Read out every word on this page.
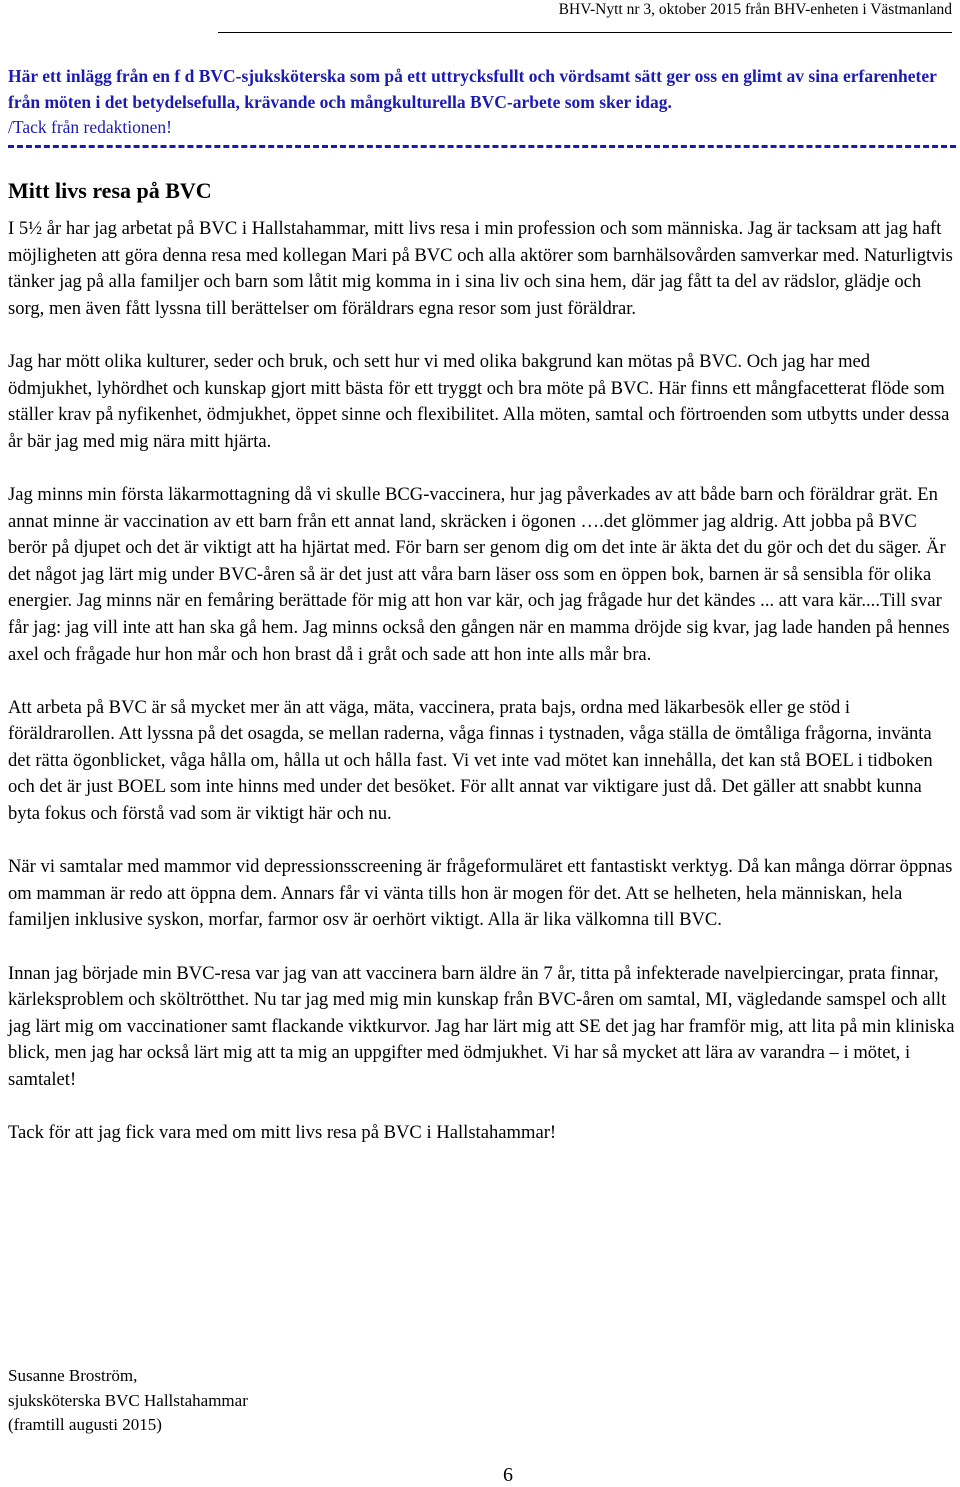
BHV-Nytt nr 3, oktober 2015 från BHV-enheten i Västmanland
Här ett inlägg från en f d BVC-sjuksköterska som på ett uttrycksfullt och vördsamt sätt ger oss en glimt av sina erfarenheter från möten i det betydelsefulla, krävande och mångkulturella BVC-arbete som sker idag.
/Tack från redaktionen!
Mitt livs resa på BVC

I 5½ år har jag arbetat på BVC i Hallstahammar, mitt livs resa i min profession och som människa. Jag är tacksam att jag haft möjligheten att göra denna resa med kollegan Mari på BVC och alla aktörer som barnhälsovården samverkar med. Naturligtvis tänker jag på alla familjer och barn som låtit mig komma in i sina liv och sina hem, där jag fått ta del av rädslor, glädje och sorg, men även fått lyssna till berättelser om föräldrars egna resor som just föräldrar.

Jag har mött olika kulturer, seder och bruk, och sett hur vi med olika bakgrund kan mötas på BVC. Och jag har med ödmjukhet, lyhördhet och kunskap gjort mitt bästa för ett tryggt och bra möte på BVC. Här finns ett mångfacetterat flöde som ställer krav på nyfikenhet, ödmjukhet, öppet sinne och flexibilitet. Alla möten, samtal och förtroenden som utbytts under dessa år bär jag med mig nära mitt hjärta.

Jag minns min första läkarmottagning då vi skulle BCG-vaccinera, hur jag påverkades av att både barn och föräldrar grät. En annat minne är vaccination av ett barn från ett annat land, skräcken i ögonen ….det glömmer jag aldrig. Att jobba på BVC berör på djupet och det är viktigt att ha hjärtat med. För barn ser genom dig om det inte är äkta det du gör och det du säger. Är det något jag lärt mig under BVC-åren så är det just att våra barn läser oss som en öppen bok, barnen är så sensibla för olika energier. Jag minns när en femåring berättade för mig att hon var kär, och jag frågade hur det kändes ... att vara kär....Till svar får jag: jag vill inte att han ska gå hem. Jag minns också den gången när en mamma dröjde sig kvar, jag lade handen på hennes axel och frågade hur hon mår och hon brast då i gråt och sade att hon inte alls mår bra.

Att arbeta på BVC är så mycket mer än att väga, mäta, vaccinera, prata bajs, ordna med läkarbesök eller ge stöd i föräldrarollen. Att lyssna på det osagda, se mellan raderna, våga finnas i tystnaden, våga ställa de ömtåliga frågorna, invänta det rätta ögonblicket, våga hålla om, hålla ut och hålla fast. Vi vet inte vad mötet kan innehålla, det kan stå BOEL i tidboken och det är just BOEL som inte hinns med under det besöket. För allt annat var viktigare just då. Det gäller att snabbt kunna byta fokus och förstå vad som är viktigt här och nu.

När vi samtalar med mammor vid depressionsscreening är frågeformuläret ett fantastiskt verktyg. Då kan många dörrar öppnas om mamman är redo att öppna dem. Annars får vi vänta tills hon är mogen för det. Att se helheten, hela människan, hela familjen inklusive syskon, morfar, farmor osv är oerhört viktigt. Alla är lika välkomna till BVC.

Innan jag började min BVC-resa var jag van att vaccinera barn äldre än 7 år, titta på infekterade navelpiercingar, prata finnar, kärleksproblem och sköltrötthet. Nu tar jag med mig min kunskap från BVC-åren om samtal, MI, vägledande samspel och allt jag lärt mig om vaccinationer samt flackande viktkurvor. Jag har lärt mig att SE det jag har framför mig, att lita på min kliniska blick, men jag har också lärt mig att ta mig an uppgifter med ödmjukhet. Vi har så mycket att lära av varandra – i mötet, i samtalet!

Tack för att jag fick vara med om mitt livs resa på BVC i Hallstahammar!

Susanne Broström,
sjuksköterska BVC Hallstahammar
(framtill augusti 2015)
6
